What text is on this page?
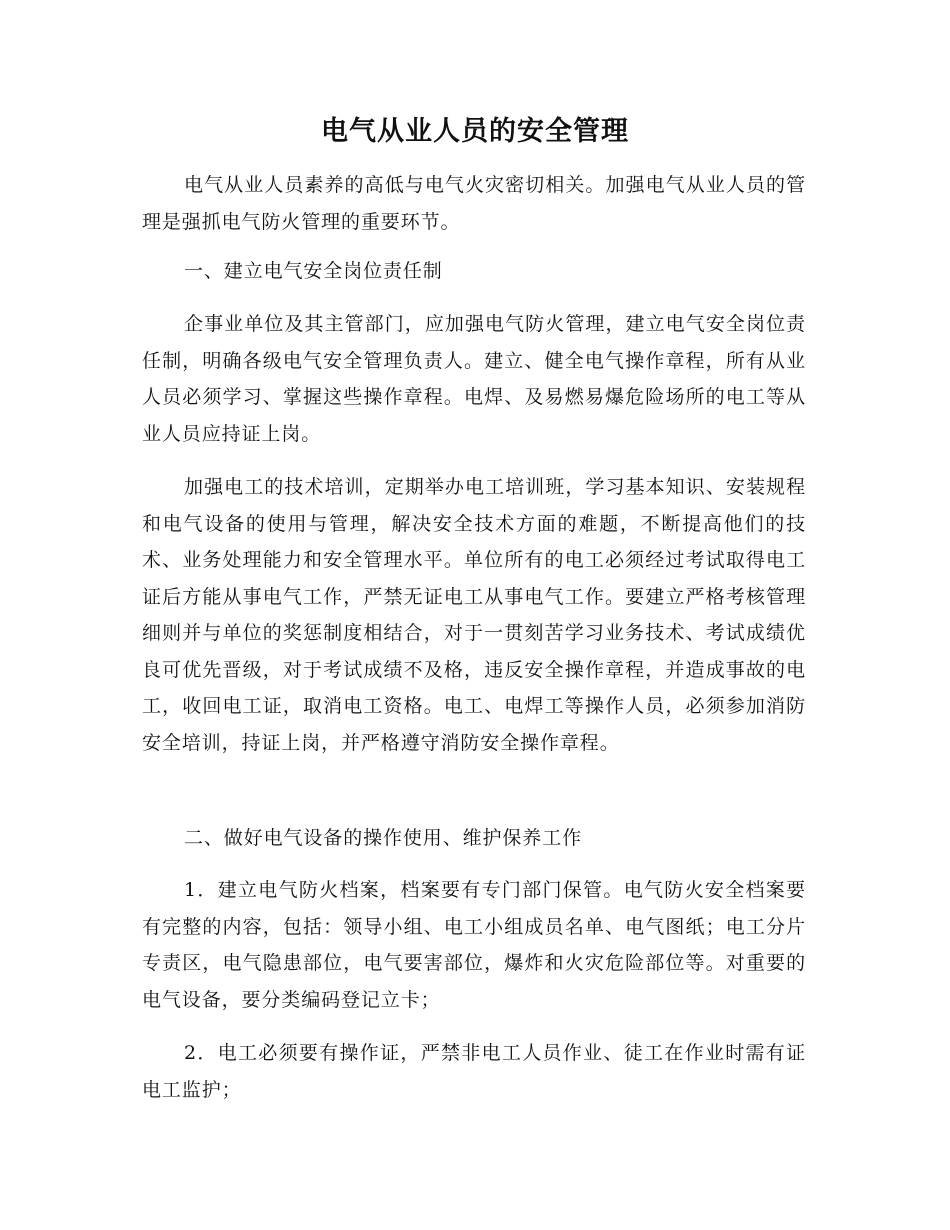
电气从业人员的安全管理

电气从业人员素养的高低与电气火灾密切相关。加强电气从业人员的管理是强抓电气防火管理的重要环节。

一、建立电气安全岗位责任制

企事业单位及其主管部门，应加强电气防火管理，建立电气安全岗位责任制，明确各级电气安全管理负责人。建立、健全电气操作章程，所有从业人员必须学习、掌握这些操作章程。电焊、及易燃易爆危险场所的电工等从业人员应持证上岗。

加强电工的技术培训，定期举办电工培训班，学习基本知识、安装规程和电气设备的使用与管理，解决安全技术方面的难题，不断提高他们的技术、业务处理能力和安全管理水平。单位所有的电工必须经过考试取得电工证后方能从事电气工作，严禁无证电工从事电气工作。要建立严格考核管理细则并与单位的奖惩制度相结合，对于一贯刻苦学习业务技术、考试成绩优良可优先晋级，对于考试成绩不及格，违反安全操作章程，并造成事故的电工，收回电工证，取消电工资格。电工、电焊工等操作人员，必须参加消防安全培训，持证上岗，并严格遵守消防安全操作章程。

二、做好电气设备的操作使用、维护保养工作

1．建立电气防火档案，档案要有专门部门保管。电气防火安全档案要有完整的内容，包括：领导小组、电工小组成员名单、电气图纸；电工分片专责区，电气隐患部位，电气要害部位，爆炸和火灾危险部位等。对重要的电气设备，要分类编码登记立卡；

2．电工必须要有操作证，严禁非电工人员作业、徒工在作业时需有证电工监护；
